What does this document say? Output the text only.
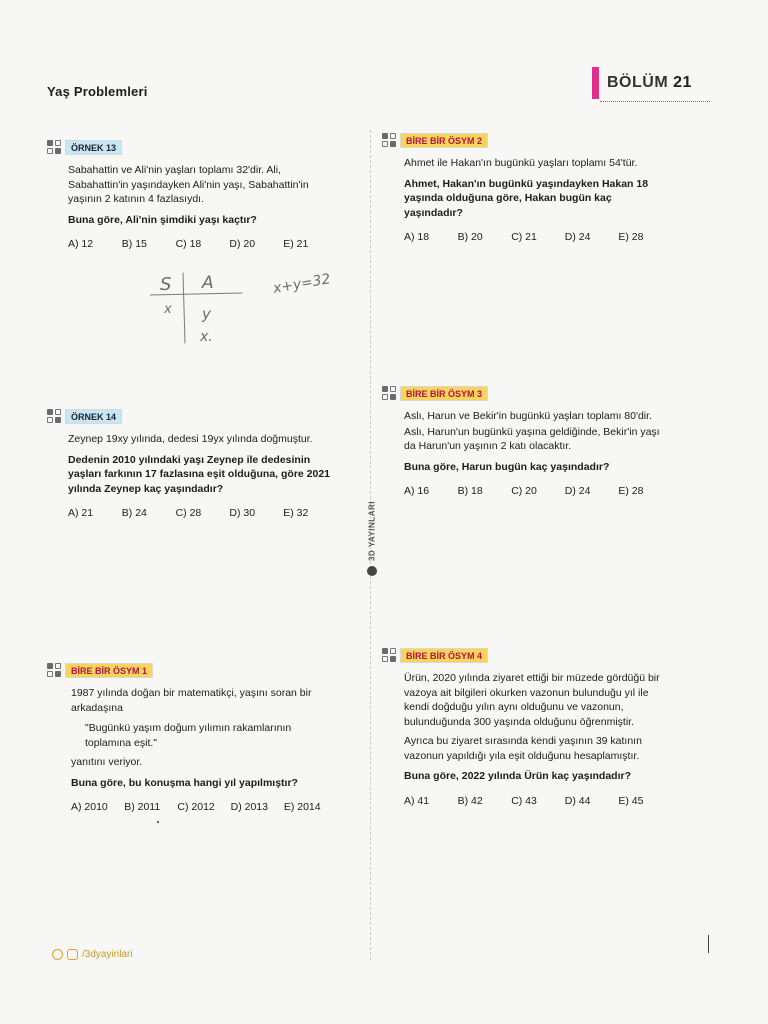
Yaş Problemleri
BÖLÜM 21
3D YAYINLARI
ÖRNEK 13

Sabahattin ve Ali'nin yaşları toplamı 32'dir. Ali, Sabahattin'in yaşındayken Ali'nin yaşı, Sabahattin'in yaşının 2 katının 4 fazlasıydı.

Buna göre, Ali'nin şimdiki yaşı kaçtır?

A) 12	B) 15	C) 18	D) 20	E) 21
S A	x+y=32
x y
x.
ÖRNEK 14

Zeynep 19xy yılında, dedesi 19yx yılında doğmuştur.

Dedenin 2010 yılındaki yaşı Zeynep ile dedesinin yaşları farkının 17 fazlasına eşit olduğuna, göre 2021 yılında Zeynep kaç yaşındadır?

A) 21	B) 24	C) 28	D) 30	E) 32
BİRE BİR ÖSYM 1

1987 yılında doğan bir matematikçi, yaşını soran bir arkadaşına

"Bugünkü yaşım doğum yılımın rakamlarının toplamına eşit."

yanıtını veriyor.

Buna göre, bu konuşma hangi yıl yapılmıştır?

A) 2010	B) 2011	C) 2012	D) 2013	E) 2014
BİRE BİR ÖSYM 2

Ahmet ile Hakan'ın bugünkü yaşları toplamı 54'tür.

Ahmet, Hakan'ın bugünkü yaşındayken Hakan 18 yaşında olduğuna göre, Hakan bugün kaç yaşındadır?

A) 18	B) 20	C) 21	D) 24	E) 28
BİRE BİR ÖSYM 3

Aslı, Harun ve Bekir'in bugünkü yaşları toplamı 80'dir.

Aslı, Harun'un bugünkü yaşına geldiğinde, Bekir'in yaşı da Harun'un yaşının 2 katı olacaktır.

Buna göre, Harun bugün kaç yaşındadır?

A) 16	B) 18	C) 20	D) 24	E) 28
BİRE BİR ÖSYM 4

Ürün, 2020 yılında ziyaret ettiği bir müzede gördüğü bir vazoya ait bilgileri okurken vazonun bulunduğu yıl ile kendi doğduğu yılın aynı olduğunu ve vazonun, bulunduğunda 300 yaşında olduğunu öğrenmiştir.

Ayrıca bu ziyaret sırasında kendi yaşının 39 katının vazonun yapıldığı yıla eşit olduğunu hesaplamıştır.

Buna göre, 2022 yılında Ürün kaç yaşındadır?

A) 41	B) 42	C) 43	D) 44	E) 45
/3dyayinlari
